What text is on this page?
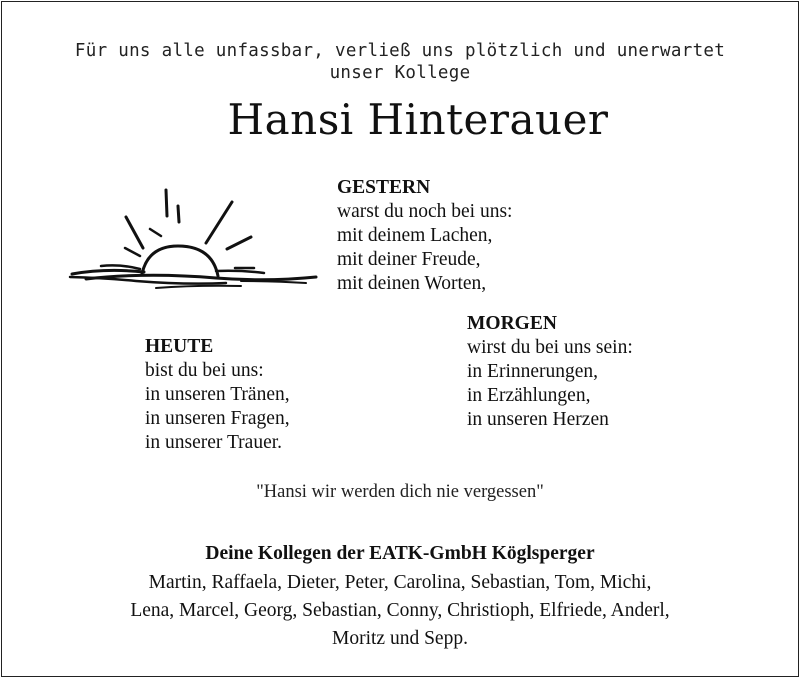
Für uns alle unfassbar, verließ uns plötzlich und unerwartet
unser Kollege
Hansi Hinterauer
GESTERN
warst du noch bei uns:
mit deinem Lachen,
mit deiner Freude,
mit deinen Worten,
MORGEN
wirst du bei uns sein:
in Erinnerungen,
in Erzählungen,
in unseren Herzen
HEUTE
bist du bei uns:
in unseren Tränen,
in unseren Fragen,
in unserer Trauer.
"Hansi wir werden dich nie vergessen"
Deine Kollegen der EATK-GmbH Köglsperger
Martin, Raffaela, Dieter, Peter, Carolina, Sebastian, Tom, Michi,
Lena, Marcel, Georg, Sebastian, Conny, Christioph, Elfriede, Anderl,
Moritz und Sepp.
